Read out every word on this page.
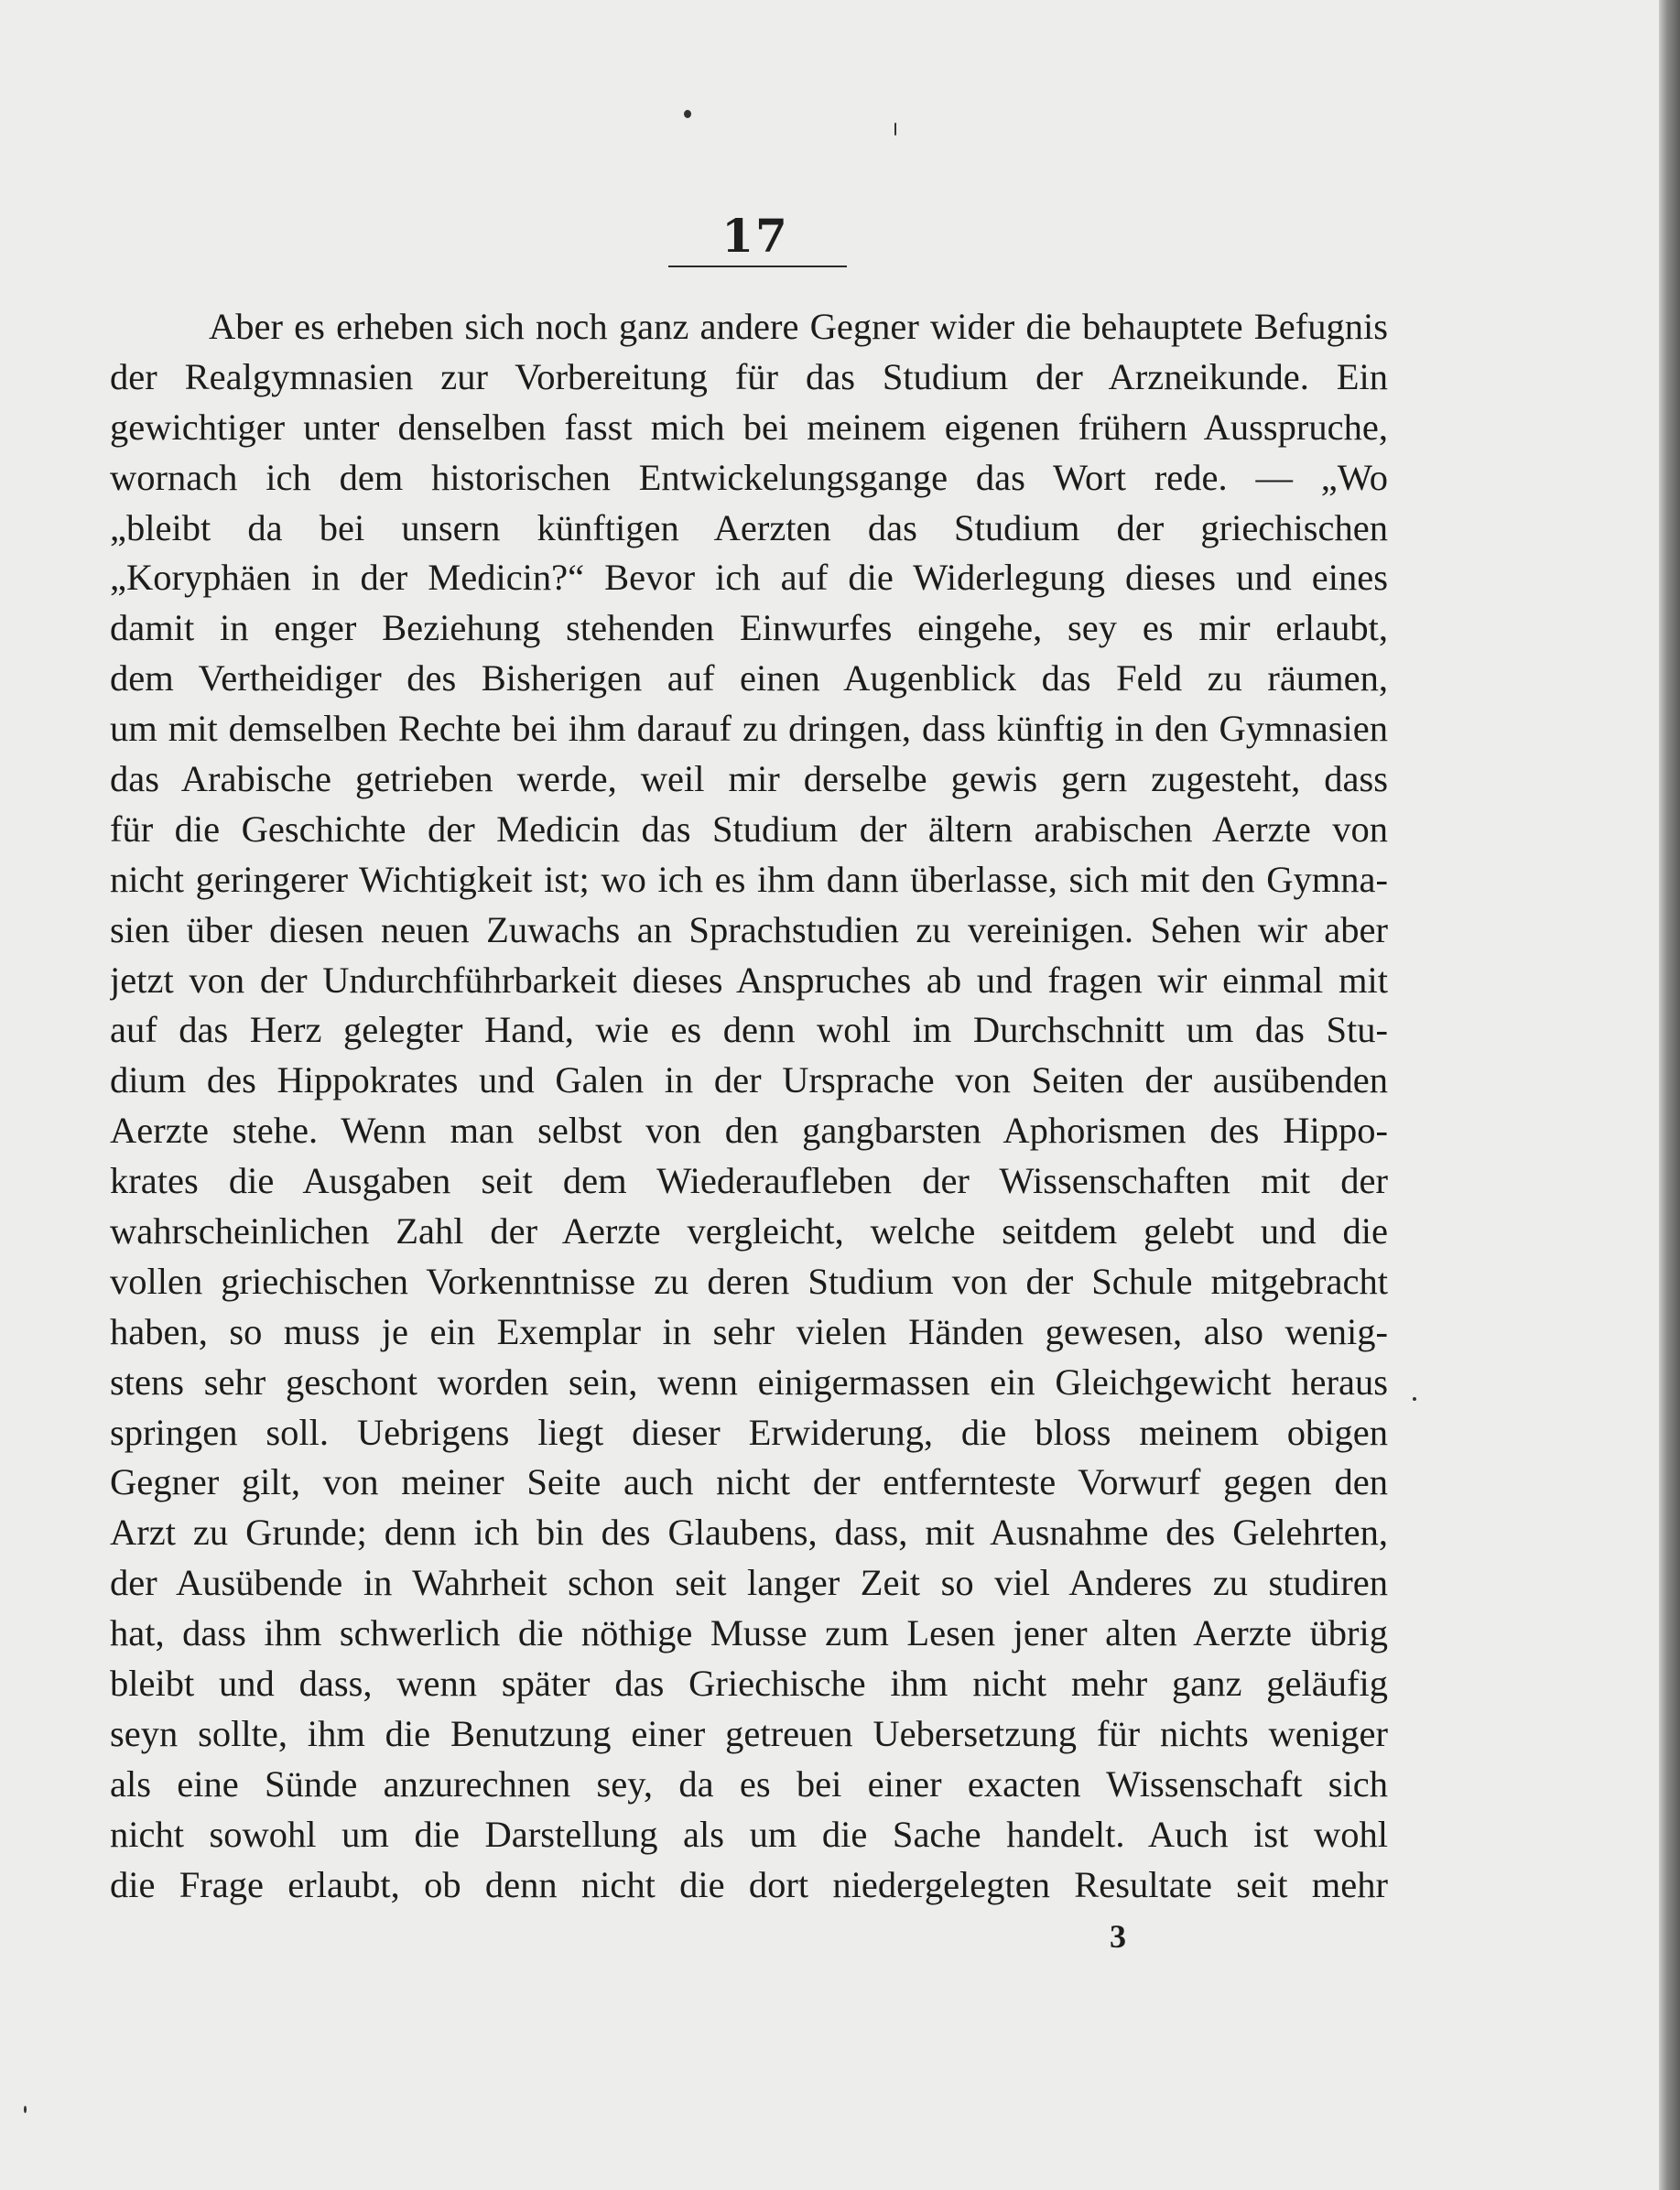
17
Aber es erheben sich noch ganz andere Gegner wider die behauptete Befugnis
der Realgymnasien zur Vorbereitung für das Studium der Arzneikunde. Ein
gewichtiger unter denselben fasst mich bei meinem eigenen frühern Ausspruche,
wornach ich dem historischen Entwickelungsgange das Wort rede. — „Wo
„bleibt da bei unsern künftigen Aerzten das Studium der griechischen
„Koryphäen in der Medicin?“ Bevor ich auf die Widerlegung dieses und eines
damit in enger Beziehung stehenden Einwurfes eingehe, sey es mir erlaubt,
dem Vertheidiger des Bisherigen auf einen Augenblick das Feld zu räumen,
um mit demselben Rechte bei ihm darauf zu dringen, dass künftig in den Gymnasien
das Arabische getrieben werde, weil mir derselbe gewis gern zugesteht, dass
für die Geschichte der Medicin das Studium der ältern arabischen Aerzte von
nicht geringerer Wichtigkeit ist; wo ich es ihm dann überlasse, sich mit den Gymna-
sien über diesen neuen Zuwachs an Sprachstudien zu vereinigen. Sehen wir aber
jetzt von der Undurchführbarkeit dieses Anspruches ab und fragen wir einmal mit
auf das Herz gelegter Hand, wie es denn wohl im Durchschnitt um das Stu-
dium des Hippokrates und Galen in der Ursprache von Seiten der ausübenden
Aerzte stehe. Wenn man selbst von den gangbarsten Aphorismen des Hippo-
krates die Ausgaben seit dem Wiederaufleben der Wissenschaften mit der
wahrscheinlichen Zahl der Aerzte vergleicht, welche seitdem gelebt und die
vollen griechischen Vorkenntnisse zu deren Studium von der Schule mitgebracht
haben, so muss je ein Exemplar in sehr vielen Händen gewesen, also wenig-
stens sehr geschont worden sein, wenn einigermassen ein Gleichgewicht heraus
springen soll. Uebrigens liegt dieser Erwiderung, die bloss meinem obigen
Gegner gilt, von meiner Seite auch nicht der entfernteste Vorwurf gegen den
Arzt zu Grunde; denn ich bin des Glaubens, dass, mit Ausnahme des Gelehrten,
der Ausübende in Wahrheit schon seit langer Zeit so viel Anderes zu studiren
hat, dass ihm schwerlich die nöthige Musse zum Lesen jener alten Aerzte übrig
bleibt und dass, wenn später das Griechische ihm nicht mehr ganz geläufig
seyn sollte, ihm die Benutzung einer getreuen Uebersetzung für nichts weniger
als eine Sünde anzurechnen sey, da es bei einer exacten Wissenschaft sich
nicht sowohl um die Darstellung als um die Sache handelt. Auch ist wohl
die Frage erlaubt, ob denn nicht die dort niedergelegten Resultate seit mehr
3
